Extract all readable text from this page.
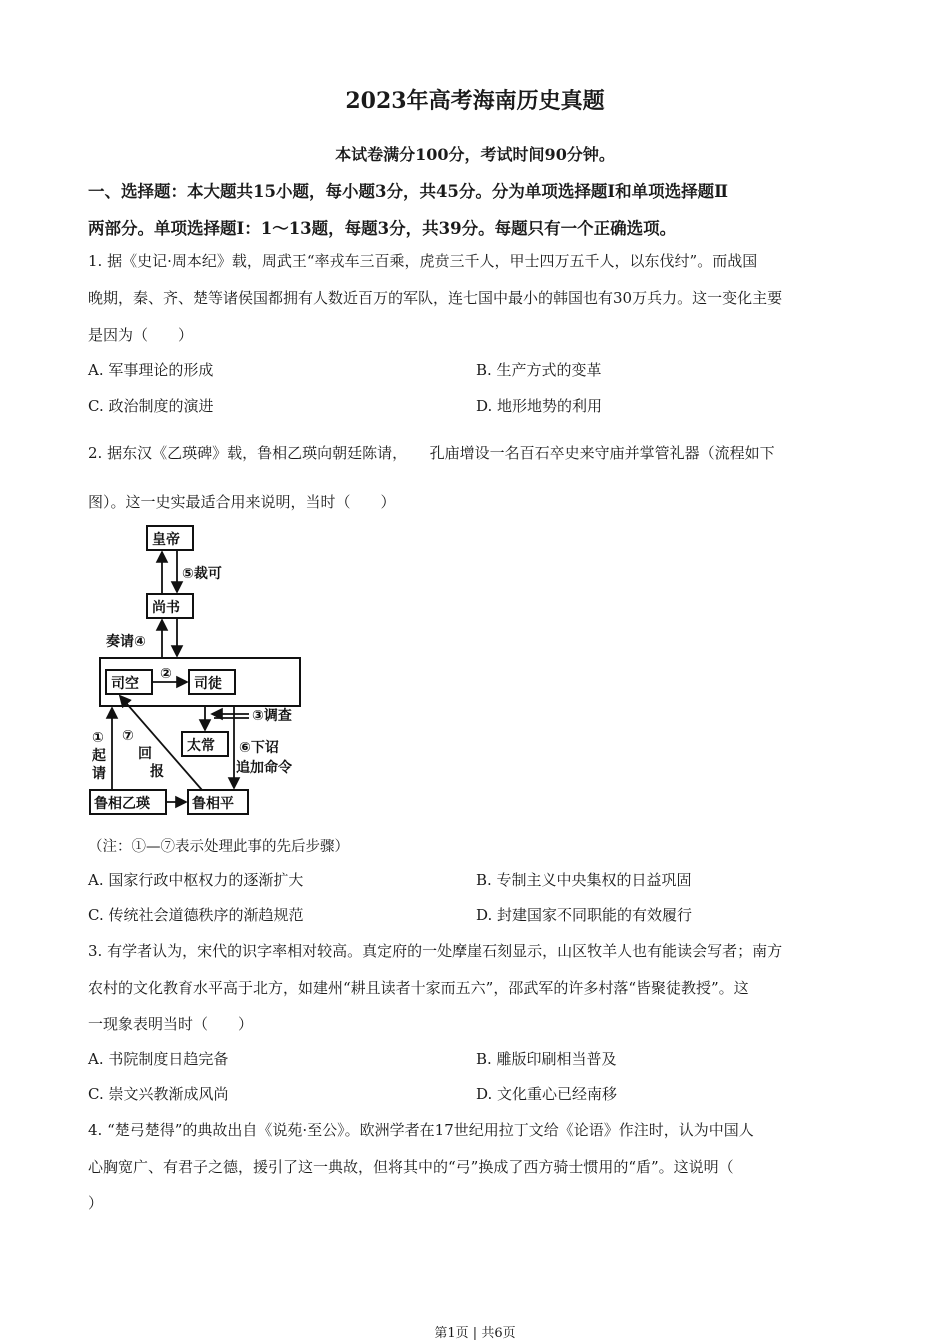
2023年高考海南历史真题
本试卷满分100分，考试时间90分钟。
一、选择题：本大题共15小题，每小题3分，共45分。分为单项选择题Ⅰ和单项选择题Ⅱ
两部分。单项选择题Ⅰ：1～13题，每题3分，共39分。每题只有一个正确选项。
1. 据《史记·周本纪》载，周武王“率戎车三百乘，虎贲三千人，甲士四万五千人，以东伐纣”。而战国
晚期，秦、齐、楚等诸侯国都拥有人数近百万的军队，连七国中最小的韩国也有30万兵力。这一变化主要
是因为（　　）
A. 军事理论的形成	B. 生产方式的变革
C. 政治制度的演进	D. 地形地势的利用
2. 据东汉《乙瑛碑》载，鲁相乙瑛向朝廷陈请，　　孔庙增设一名百石卒史来守庙并掌管礼器（流程如下
图）。这一史实最适合用来说明，当时（　　）
皇帝
尚书
司空	司徒
太常
鲁相乙瑛	鲁相平
⑤裁可
奏请④
②
③调查
⑥下诏
追加命令
①
起
请
⑦
回
报
（注：①—⑦表示处理此事的先后步骤）
A. 国家行政中枢权力的逐渐扩大	B. 专制主义中央集权的日益巩固
C. 传统社会道德秩序的渐趋规范	D. 封建国家不同职能的有效履行
3. 有学者认为，宋代的识字率相对较高。真定府的一处摩崖石刻显示，山区牧羊人也有能读会写者；南方
农村的文化教育水平高于北方，如建州“耕且读者十家而五六”，邵武军的许多村落“皆聚徒教授”。这
一现象表明当时（　　）
A. 书院制度日趋完备	B. 雕版印刷相当普及
C. 崇文兴教渐成风尚	D. 文化重心已经南移
4. “楚弓楚得”的典故出自《说苑·至公》。欧洲学者在17世纪用拉丁文给《论语》作注时，认为中国人
心胸宽广、有君子之德，援引了这一典故，但将其中的“弓”换成了西方骑士惯用的“盾”。这说明（
）
第1页 | 共6页
